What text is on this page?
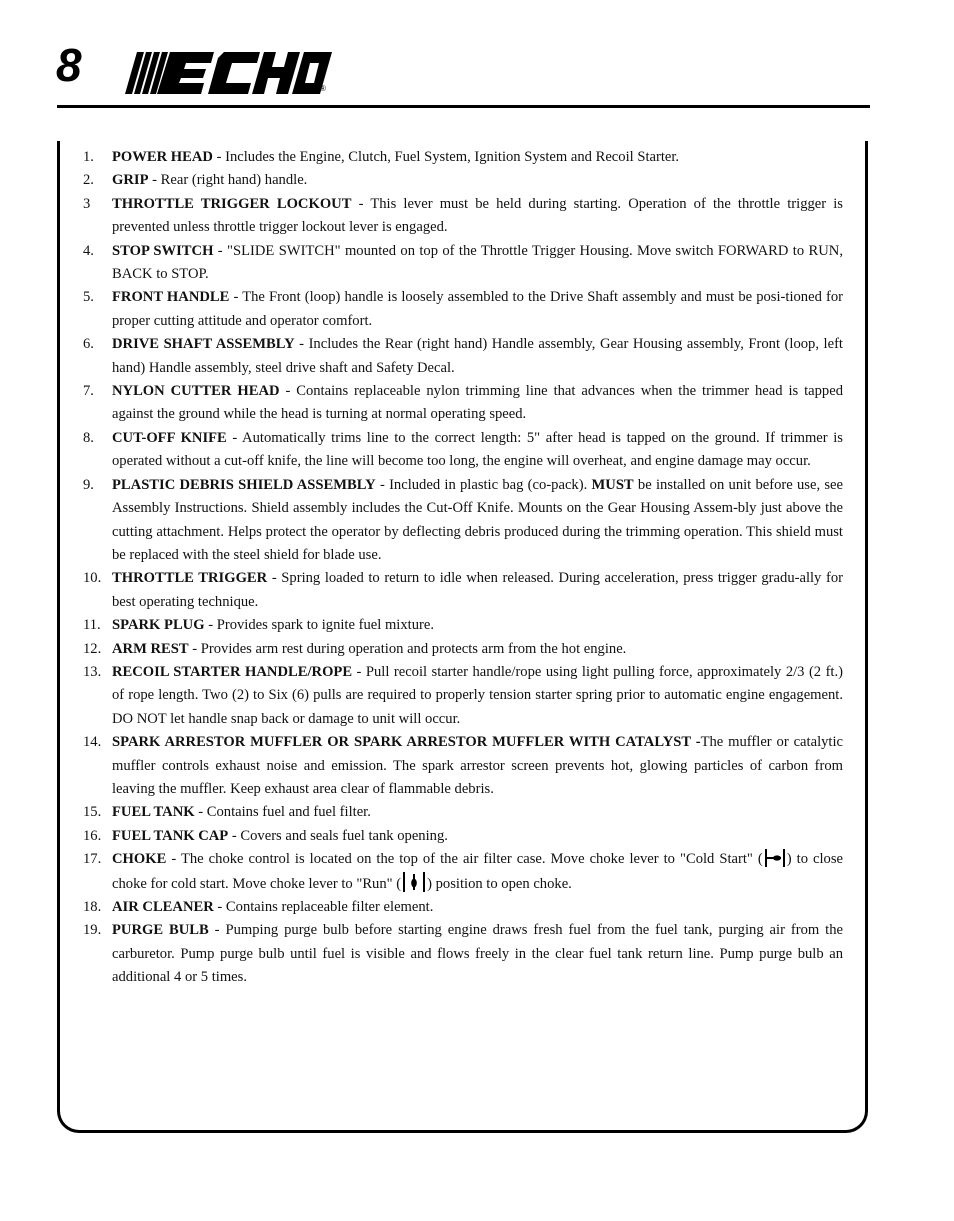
8	®
1.	POWER HEAD - Includes the Engine, Clutch, Fuel System, Ignition System and Recoil Starter.
2.	GRIP - Rear (right hand) handle.
3	THROTTLE TRIGGER LOCKOUT - This lever must be held during starting. Operation of the throttle trigger is prevented unless throttle trigger lockout lever is engaged.
4.	STOP SWITCH - "SLIDE SWITCH" mounted on top of the Throttle Trigger Housing. Move switch FORWARD to RUN, BACK to STOP.
5.	FRONT HANDLE - The Front (loop) handle is loosely assembled to the Drive Shaft assembly and must be posi-tioned for proper cutting attitude and operator comfort.
6.	DRIVE SHAFT ASSEMBLY - Includes the Rear (right hand) Handle assembly, Gear Housing assembly, Front (loop, left hand) Handle assembly, steel drive shaft and Safety Decal.
7.	NYLON CUTTER HEAD - Contains replaceable nylon trimming line that advances when the trimmer head is tapped against the ground while the head is turning at normal operating speed.
8.	CUT-OFF KNIFE - Automatically trims line to the correct length: 5" after head is tapped on the ground. If trimmer is operated without a cut-off knife, the line will become too long, the engine will overheat, and engine damage may occur.
9.	PLASTIC DEBRIS SHIELD ASSEMBLY - Included in plastic bag (co-pack). MUST be installed on unit before use, see Assembly Instructions. Shield assembly includes the Cut-Off Knife. Mounts on the Gear Housing Assem-bly just above the cutting attachment. Helps protect the operator by deflecting debris produced during the trimming operation. This shield must be replaced with the steel shield for blade use.
10. THROTTLE TRIGGER - Spring loaded to return to idle when released. During acceleration, press trigger gradu-ally for best operating technique.
11. SPARK PLUG - Provides spark to ignite fuel mixture.
12. ARM REST - Provides arm rest during operation and protects arm from the hot engine.
13. RECOIL STARTER HANDLE/ROPE - Pull recoil starter handle/rope using light pulling force, approximately 2/3 (2 ft.) of rope length. Two (2) to Six (6) pulls are required to properly tension starter spring prior to automatic engine engagement. DO NOT let handle snap back or damage to unit will occur.
14. SPARK ARRESTOR MUFFLER OR SPARK ARRESTOR MUFFLER WITH CATALYST -The muffler or catalytic muffler controls exhaust noise and emission. The spark arrestor screen prevents hot, glowing particles of carbon from leaving the muffler. Keep exhaust area clear of flammable debris.
15. FUEL TANK - Contains fuel and fuel filter.
16. FUEL TANK CAP - Covers and seals fuel tank opening.
17. CHOKE - The choke control is located on the top of the air filter case. Move choke lever to "Cold Start" ( ) to close choke for cold start. Move choke lever to "Run" ( ) position to open choke.
18. AIR CLEANER - Contains replaceable filter element.
19. PURGE BULB - Pumping purge bulb before starting engine draws fresh fuel from the fuel tank, purging air from the carburetor. Pump purge bulb until fuel is visible and flows freely in the clear fuel tank return line. Pump purge bulb an additional 4 or 5 times.
